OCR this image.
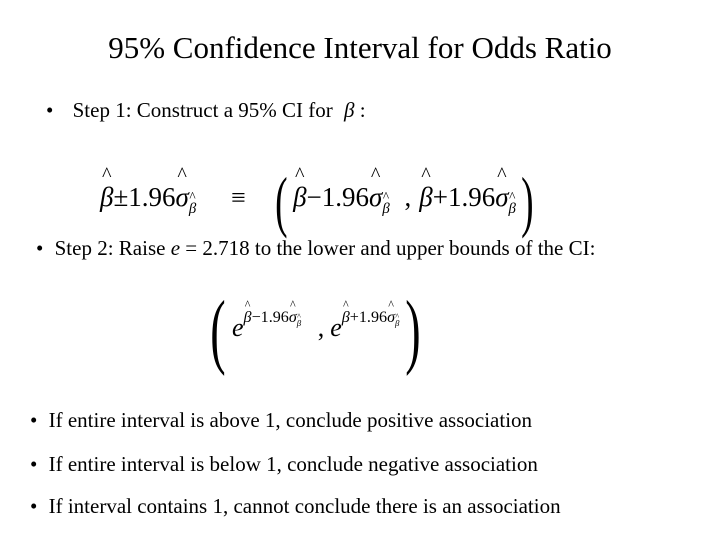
95% Confidence Interval for Odds Ratio
• Step 1: Construct a 95% CI for β :
^ β±1.96^ σ^ β ≡ ( ^ β−1.96^ σ^ β , ^ β+1.96^ σ^ β)
• Step 2: Raise e = 2.718 to the lower and upper bounds of the CI:
( e^ $^{\beta-1.96\^{} \sigma\^{} \beta}$ , e^ $^{\beta+1.96\^{} \sigma\^{} \beta}$)
• If entire interval is above 1, conclude positive association
• If entire interval is below 1, conclude negative association
• If interval contains 1, cannot conclude there is an association
